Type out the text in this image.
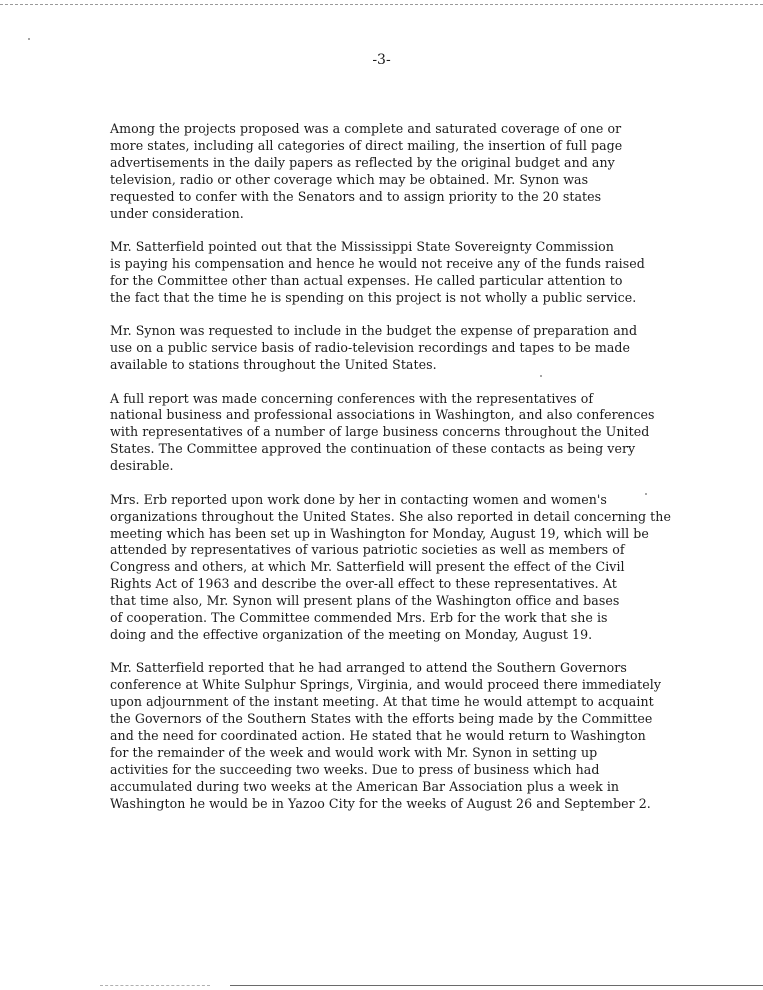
-3-

Among the projects proposed was a complete and saturated coverage of one or
more states, including all categories of direct mailing, the insertion of full page
advertisements in the daily papers as reflected by the original budget and any
television, radio or other coverage which may be obtained. Mr. Synon was
requested to confer with the Senators and to assign priority to the 20 states
under consideration.

Mr. Satterfield pointed out that the Mississippi State Sovereignty Commission
is paying his compensation and hence he would not receive any of the funds raised
for the Committee other than actual expenses. He called particular attention to
the fact that the time he is spending on this project is not wholly a public service.

Mr. Synon was requested to include in the budget the expense of preparation and
use on a public service basis of radio-television recordings and tapes to be made
available to stations throughout the United States.

A full report was made concerning conferences with the representatives of
national business and professional associations in Washington, and also conferences
with representatives of a number of large business concerns throughout the United
States. The Committee approved the continuation of these contacts as being very
desirable.

Mrs. Erb reported upon work done by her in contacting women and women's
organizations throughout the United States. She also reported in detail concerning the
meeting which has been set up in Washington for Monday, August 19, which will be
attended by representatives of various patriotic societies as well as members of
Congress and others, at which Mr. Satterfield will present the effect of the Civil
Rights Act of 1963 and describe the over-all effect to these representatives. At
that time also, Mr. Synon will present plans of the Washington office and bases
of cooperation. The Committee commended Mrs. Erb for the work that she is
doing and the effective organization of the meeting on Monday, August 19.

Mr. Satterfield reported that he had arranged to attend the Southern Governors
conference at White Sulphur Springs, Virginia, and would proceed there immediately
upon adjournment of the instant meeting. At that time he would attempt to acquaint
the Governors of the Southern States with the efforts being made by the Committee
and the need for coordinated action. He stated that he would return to Washington
for the remainder of the week and would work with Mr. Synon in setting up
activities for the succeeding two weeks. Due to press of business which had
accumulated during two weeks at the American Bar Association plus a week in
Washington he would be in Yazoo City for the weeks of August 26 and September 2.
